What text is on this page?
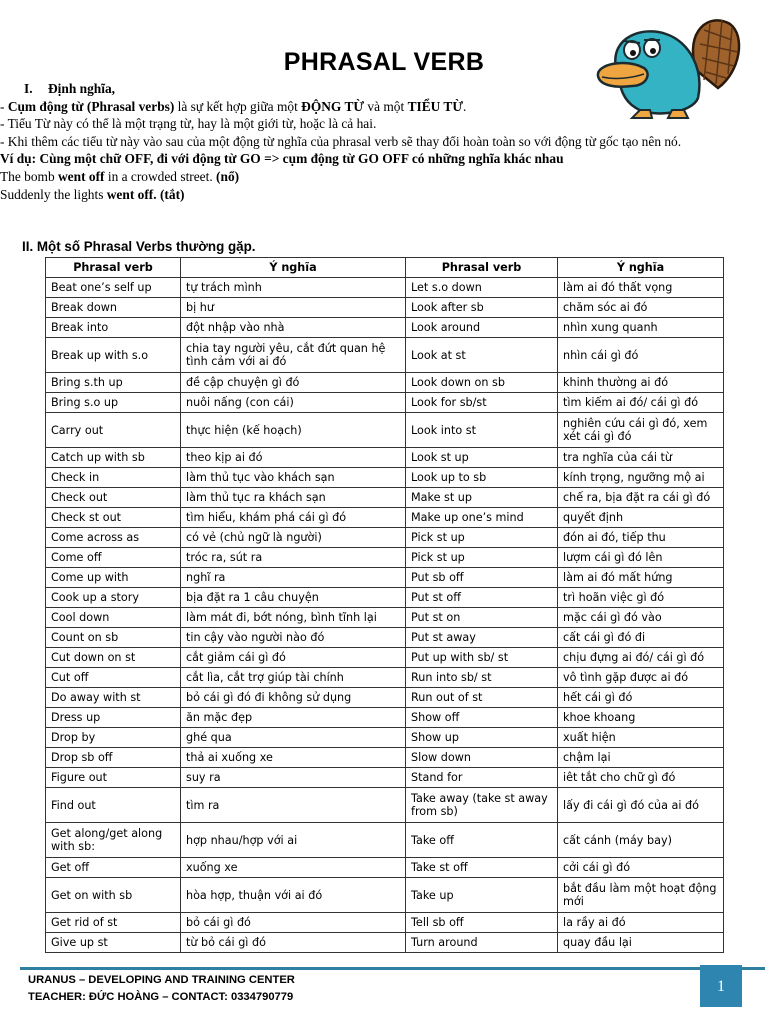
PHRASAL VERB

I. Định nghĩa,

- Cụm động từ (Phrasal verbs) là sự kết hợp giữa một ĐỘNG TỪ và một TIỂU TỪ.

- Tiểu Từ này có thể là một trạng từ, hay là một giới từ, hoặc là cả hai.

- Khi thêm các tiểu từ này vào sau của một động từ nghĩa của phrasal verb sẽ thay đổi hoàn toàn so với động từ gốc tạo nên nó.

Ví dụ: Cùng một chữ OFF, đi với động từ GO => cụm động từ GO OFF có những nghĩa khác nhau

The bomb went off in a crowded street. (nổ)

Suddenly the lights went off. (tắt)

II. Một số Phrasal Verbs thường gặp.
Phrasal verb	Ý nghĩa	Phrasal verb	Ý nghĩa
Beat one’s self up	tự trách mình	Let s.o down	làm ai đó thất vọng
Break down	bị hư	Look after sb	chăm sóc ai đó
Break into	đột nhập vào nhà	Look around	nhìn xung quanh
Break up with s.o	chia tay người yêu, cắt đứt quan hệ tình cảm với ai đó	Look at st	nhìn cái gì đó
Bring s.th up	đề cập chuyện gì đó	Look down on sb	khinh thường ai đó
Bring s.o up	nuôi nấng (con cái)	Look for sb/st	tìm kiếm ai đó/ cái gì đó
Carry out	thực hiện (kế hoạch)	Look into st	nghiên cứu cái gì đó, xem xét cái gì đó
Catch up with sb	theo kịp ai đó	Look st up	tra nghĩa của cái từ
Check in	làm thủ tục vào khách sạn	Look up to sb	kính trọng, ngưỡng mộ ai
Check out	làm thủ tục ra khách sạn	Make st up	chế ra, bịa đặt ra cái gì đó
Check st out	tìm hiểu, khám phá cái gì đó	Make up one’s mind	quyết định
Come across as	có vẻ (chủ ngữ là người)	Pick st up	đón ai đó, tiếp thu
Come off	tróc ra, sút ra	Pick st up	lượm cái gì đó lên
Come up with	nghĩ ra	Put sb off	làm ai đó mất hứng
Cook up a story	bịa đặt ra 1 câu chuyện	Put st off	trì hoãn việc gì đó
Cool down	làm mát đi, bớt nóng, bình tĩnh lại	Put st on	mặc cái gì đó vào
Count on sb	tin cậy vào người nào đó	Put st away	cất cái gì đó đi
Cut down on st	cắt giảm cái gì đó	Put up with sb/ st	chịu đựng ai đó/ cái gì đó
Cut off	cắt lìa, cắt trợ giúp tài chính	Run into sb/ st	vô tình gặp được ai đó
Do away with st	bỏ cái gì đó đi không sử dụng	Run out of st	hết cái gì đó
Dress up	ăn mặc đẹp	Show off	khoe khoang
Drop by	ghé qua	Show up	xuất hiện
Drop sb off	thả ai xuống xe	Slow down	chậm lại
Figure out	suy ra	Stand for	iêt tắt cho chữ gì đó
Find out	tìm ra	Take away (take st away from sb)	lấy đi cái gì đó của ai đó
Get along/get along with sb:	hợp nhau/hợp với ai	Take off	cất cánh (máy bay)
Get off	xuống xe	Take st off	cởi cái gì đó
Get on with sb	hòa hợp, thuận với ai đó	Take up	bắt đầu làm một hoạt động mới
Get rid of st	bỏ cái gì đó	Tell sb off	la rầy ai đó
Give up st	từ bỏ cái gì đó	Turn around	quay đầu lại
URANUS – DEVELOPING AND TRAINING CENTER
TEACHER: ĐỨC HOÀNG – CONTACT: 0334790779
1
